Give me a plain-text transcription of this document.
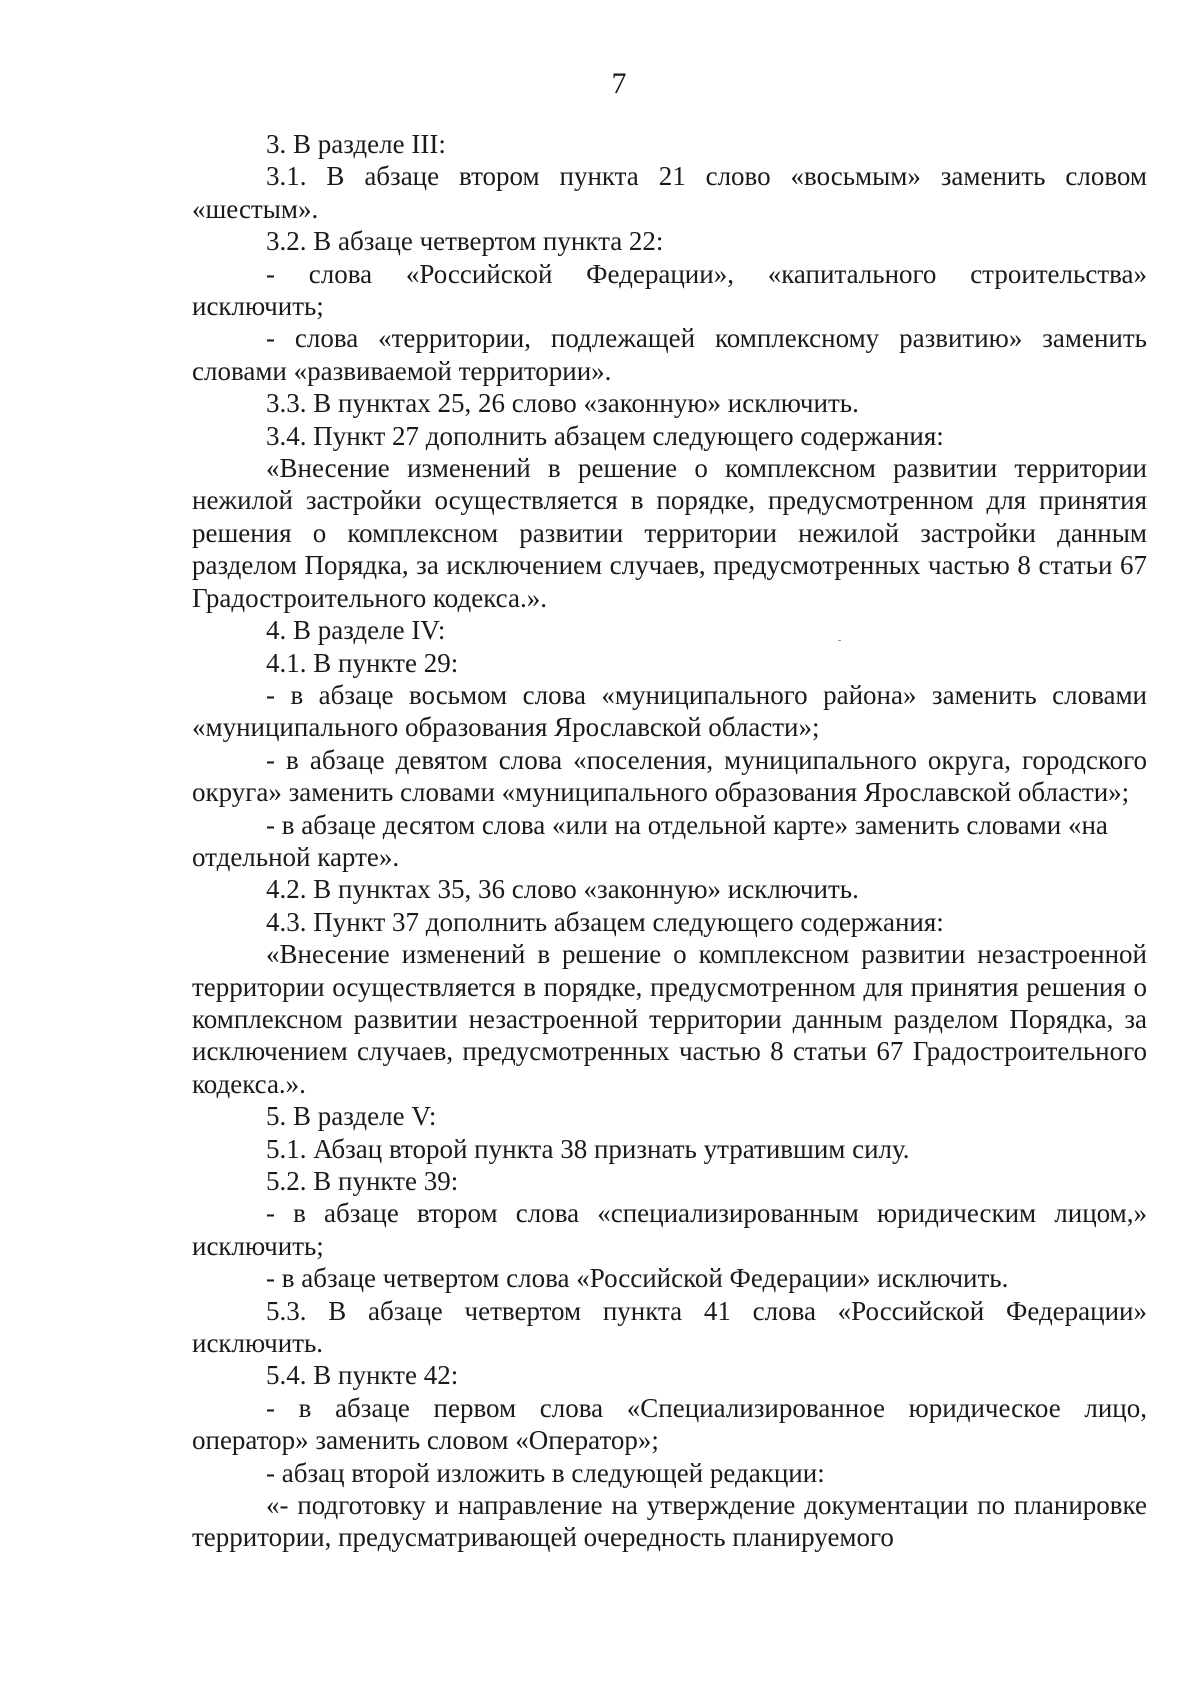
7

3. В разделе III:

3.1. В абзаце втором пункта 21 слово «восьмым» заменить словом «шестым».

3.2. В абзаце четвертом пункта 22:

- слова «Российской Федерации», «капитального строительства» исключить;

- слова «территории, подлежащей комплексному развитию» заменить словами «развиваемой территории».

3.3. В пунктах 25, 26 слово «законную» исключить.

3.4. Пункт 27 дополнить абзацем следующего содержания:

«Внесение изменений в решение о комплексном развитии территории нежилой застройки осуществляется в порядке, предусмотренном для принятия решения о комплексном развитии территории нежилой застройки данным разделом Порядка, за исключением случаев, предусмотренных частью 8 статьи 67 Градостроительного кодекса.».

4. В разделе IV:

4.1. В пункте 29:

- в абзаце восьмом слова «муниципального района» заменить словами «муниципального образования Ярославской области»;

- в абзаце девятом слова «поселения, муниципального округа, городского округа» заменить словами «муниципального образования Ярославской области»;

- в абзаце десятом слова «или на отдельной карте» заменить словами «на отдельной карте».

4.2. В пунктах 35, 36 слово «законную» исключить.

4.3. Пункт 37 дополнить абзацем следующего содержания:

«Внесение изменений в решение о комплексном развитии незастроенной территории осуществляется в порядке, предусмотренном для принятия решения о комплексном развитии незастроенной территории данным разделом Порядка, за исключением случаев, предусмотренных частью 8 статьи 67 Градостроительного кодекса.».

5. В разделе V:

5.1. Абзац второй пункта 38 признать утратившим силу.

5.2. В пункте 39:

- в абзаце втором слова «специализированным юридическим лицом,» исключить;

- в абзаце четвертом слова «Российской Федерации» исключить.

5.3. В абзаце четвертом пункта 41 слова «Российской Федерации» исключить.

5.4. В пункте 42:

- в абзаце первом слова «Специализированное юридическое лицо, оператор» заменить словом «Оператор»;

- абзац второй изложить в следующей редакции:

«- подготовку и направление на утверждение документации по планировке территории, предусматривающей очередность планируемого
